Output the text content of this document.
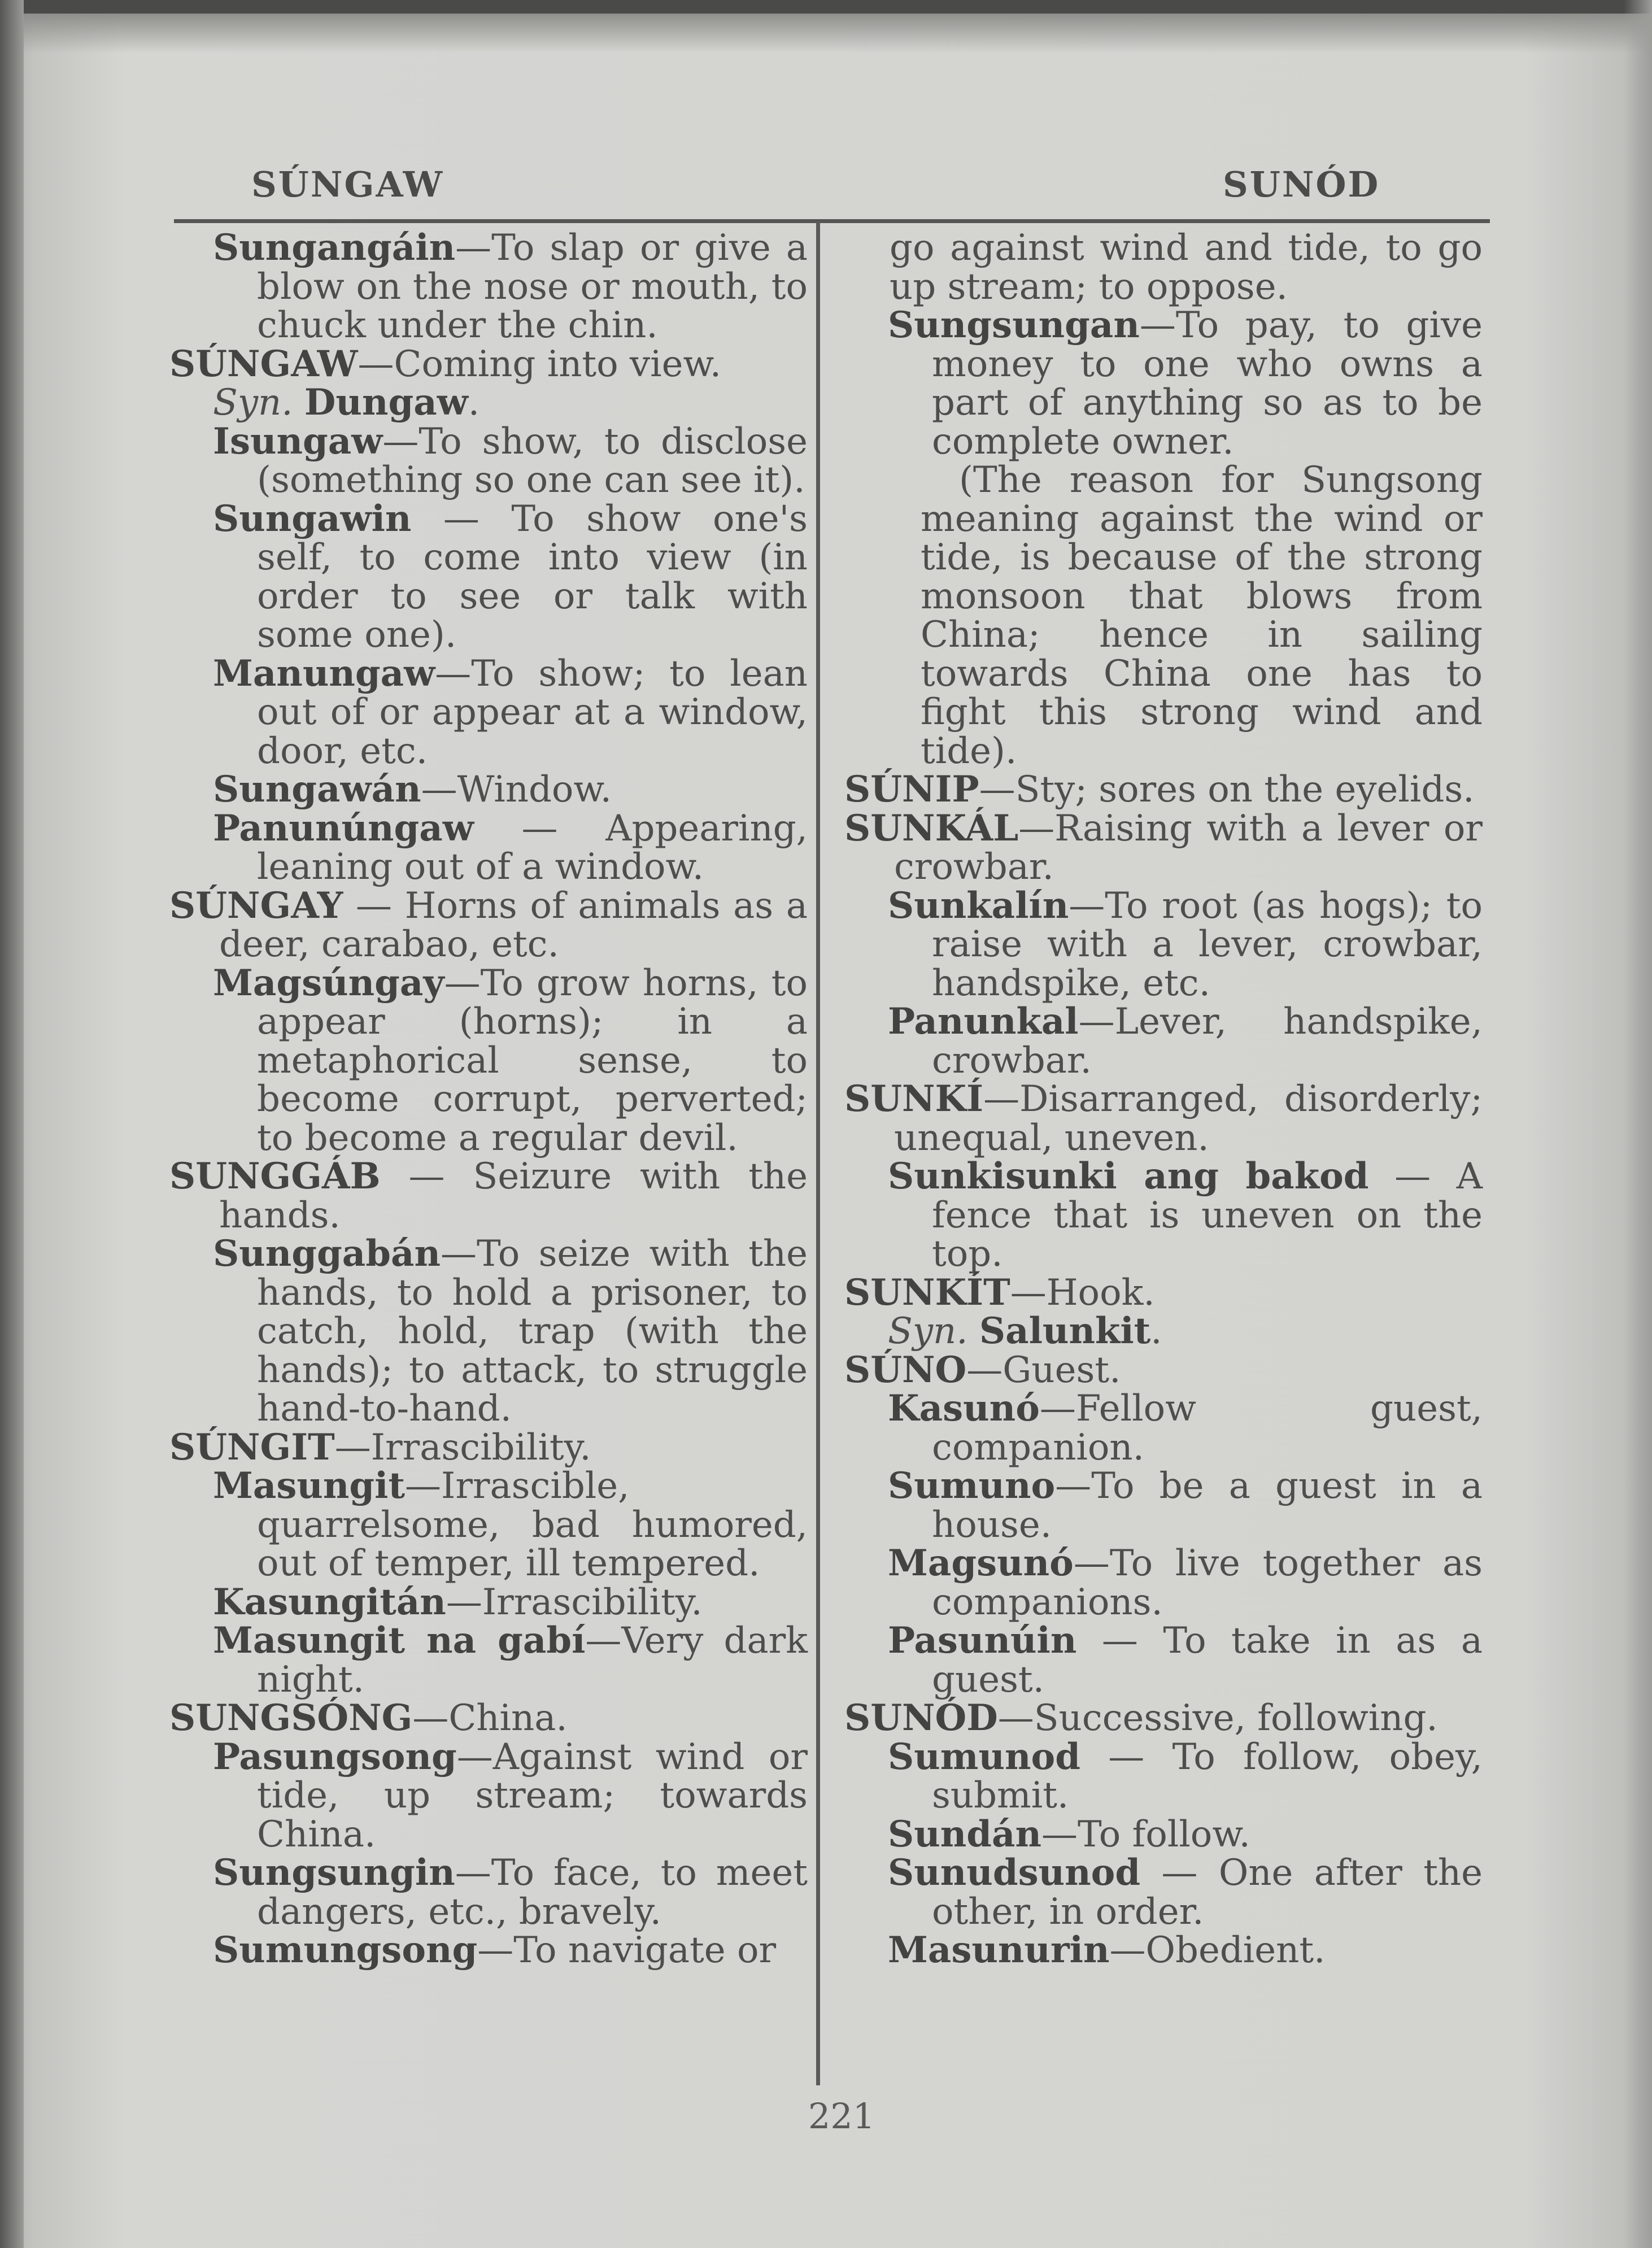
SÚNGAW	SUNÓD

Sungangáin—To slap or give a blow on the nose or mouth, to chuck under the chin.

SÚNGAW—Coming into view.

Syn. Dungaw.

Isungaw—To show, to disclose (something so one can see it).

Sungawin — To show one's self, to come into view (in order to see or talk with some one).

Manungaw—To show; to lean out of or appear at a window, door, etc.

Sungawán—Window.

Panunúngaw — Appearing, leaning out of a window.

SÚNGAY — Horns of animals as a deer, carabao, etc.

Magsúngay—To grow horns, to appear (horns); in a metaphorical sense, to become corrupt, perverted; to become a regular devil.

SUNGGÁB — Seizure with the hands.

Sunggabán—To seize with the hands, to hold a prisoner, to catch, hold, trap (with the hands); to attack, to struggle hand-to-hand.

SÚNGIT—Irrascibility.

Masungit—Irrascible, quarrelsome, bad humored, out of temper, ill tempered.

Kasungitán—Irrascibility.

Masungit na gabí—Very dark night.

SUNGSÓNG—China.

Pasungsong—Against wind or tide, up stream; towards China.

Sungsungin—To face, to meet dangers, etc., bravely.

Sumungsong—To navigate or

go against wind and tide, to go up stream; to oppose.

Sungsungan—To pay, to give money to one who owns a part of anything so as to be complete owner.

(The reason for Sungsong meaning against the wind or tide, is because of the strong monsoon that blows from China; hence in sailing towards China one has to fight this strong wind and tide).

SÚNIP—Sty; sores on the eyelids.

SUNKÁL—Raising with a lever or crowbar.

Sunkalín—To root (as hogs); to raise with a lever, crowbar, handspike, etc.

Panunkal—Lever, handspike, crowbar.

SUNKÍ—Disarranged, disorderly; unequal, uneven.

Sunkisunki ang bakod — A fence that is uneven on the top.

SUNKÍT—Hook.

Syn. Salunkit.

SÚNO—Guest.

Kasunó—Fellow guest, companion.

Sumuno—To be a guest in a house.

Magsunó—To live together as companions.

Pasunúin — To take in as a guest.

SUNÓD—Successive, following.

Sumunod — To follow, obey, submit.

Sundán—To follow.

Sunudsunod — One after the other, in order.

Masunurin—Obedient.

221
